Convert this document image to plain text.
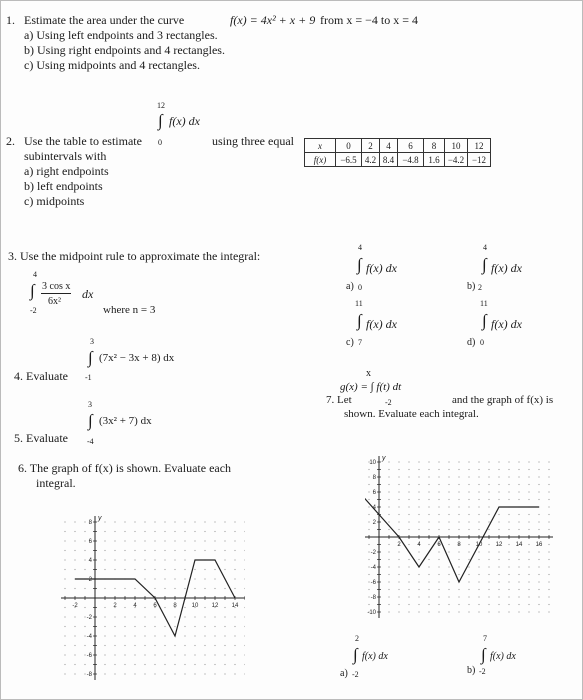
1. Estimate the area under the curve	f(x) = 4x² + x + 9 from x = −4 to x = 4
a) Using left endpoints and 3 rectangles.
b) Using right endpoints and 4 rectangles.
c) Using midpoints and 4 rectangles.
12
∫ f(x) dx
0
2. Use the table to estimate	using three equal
subintervals with
a) right endpoints
b) left endpoints
c) midpoints
x	0	2	4	6	8	10	12
f(x)	−6.5	4.2	8.4	−4.8	1.6	−4.2	−12
3. Use the midpoint rule to approximate the integral:
4
∫
-2
3 cos x
6x²
dx
where n = 3
4
∫ f(x) dx
a) 0
4
∫ f(x) dx
b) 2
11
∫ f(x) dx
c) 7
11
∫ f(x) dx
d) 0
3
∫ (7x² − 3x + 8) dx
4. Evaluate -1	x
g(x) = ∫ f(t) dt
7. Let	-2	and the graph of f(x) is
shown. Evaluate each integral.
3
∫ (3x² + 7) dx
5. Evaluate -4
6. The graph of f(x) is shown. Evaluate each
integral.
-2	2	4	6	8 10 12 14
8
6
4
2
-2
-4
-6
-8
y
2	4	6	8 10 12 14 16
10
8
6
4
2
-2
-4
-6
-8
-10
y
2
∫ f(x) dx
a) -2
7
∫ f(x) dx
b) -2
